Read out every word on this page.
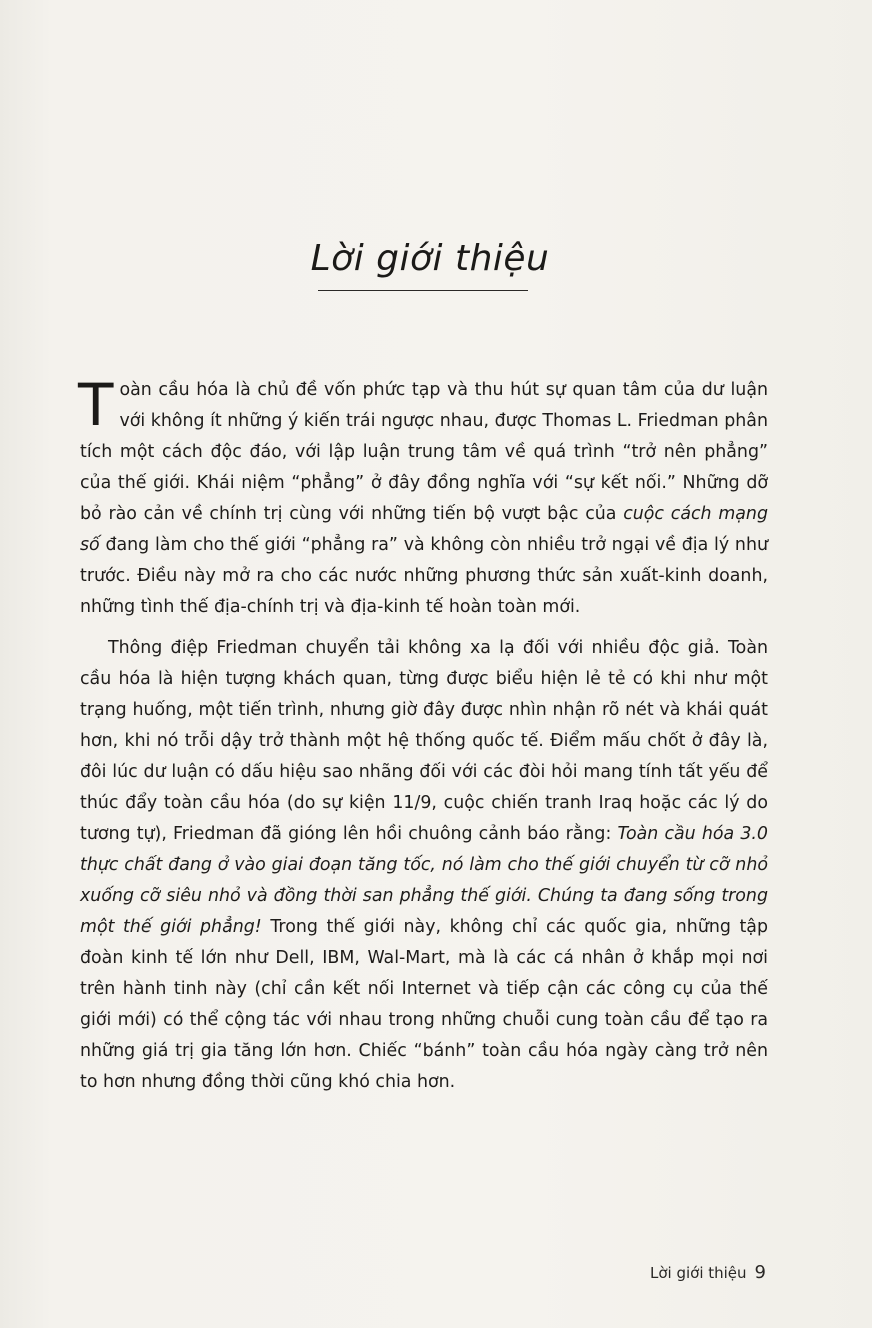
Lời giới thiệu

Toàn cầu hóa là chủ đề vốn phức tạp và thu hút sự quan tâm của dư luận với không ít những ý kiến trái ngược nhau, được Thomas L. Friedman phân tích một cách độc đáo, với lập luận trung tâm về quá trình “trở nên phẳng” của thế giới. Khái niệm “phẳng” ở đây đồng nghĩa với “sự kết nối.” Những dỡ bỏ rào cản về chính trị cùng với những tiến bộ vượt bậc của cuộc cách mạng số đang làm cho thế giới “phẳng ra” và không còn nhiều trở ngại về địa lý như trước. Điều này mở ra cho các nước những phương thức sản xuất-kinh doanh, những tình thế địa-chính trị và địa-kinh tế hoàn toàn mới.

Thông điệp Friedman chuyển tải không xa lạ đối với nhiều độc giả. Toàn cầu hóa là hiện tượng khách quan, từng được biểu hiện lẻ tẻ có khi như một trạng huống, một tiến trình, nhưng giờ đây được nhìn nhận rõ nét và khái quát hơn, khi nó trỗi dậy trở thành một hệ thống quốc tế. Điểm mấu chốt ở đây là, đôi lúc dư luận có dấu hiệu sao nhãng đối với các đòi hỏi mang tính tất yếu để thúc đẩy toàn cầu hóa (do sự kiện 11/9, cuộc chiến tranh Iraq hoặc các lý do tương tự), Friedman đã gióng lên hồi chuông cảnh báo rằng: Toàn cầu hóa 3.0 thực chất đang ở vào giai đoạn tăng tốc, nó làm cho thế giới chuyển từ cỡ nhỏ xuống cỡ siêu nhỏ và đồng thời san phẳng thế giới. Chúng ta đang sống trong một thế giới phẳng! Trong thế giới này, không chỉ các quốc gia, những tập đoàn kinh tế lớn như Dell, IBM, Wal-Mart, mà là các cá nhân ở khắp mọi nơi trên hành tinh này (chỉ cần kết nối Internet và tiếp cận các công cụ của thế giới mới) có thể cộng tác với nhau trong những chuỗi cung toàn cầu để tạo ra những giá trị gia tăng lớn hơn. Chiếc “bánh” toàn cầu hóa ngày càng trở nên to hơn nhưng đồng thời cũng khó chia hơn.

Lời giới thiệu 9
